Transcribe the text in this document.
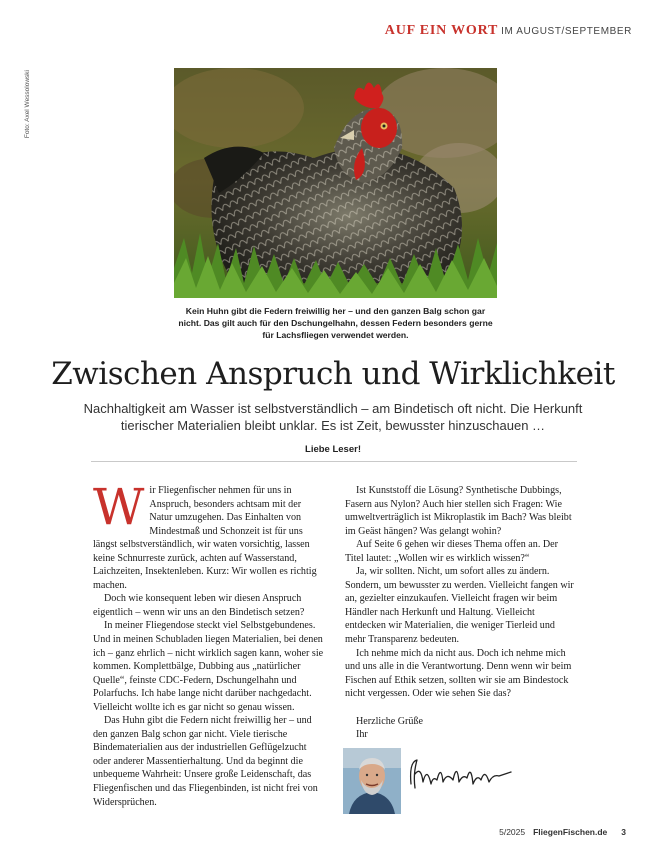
AUF EIN WORT IM AUGUST/SEPTEMBER
Foto: Axel Wessolowski
Kein Huhn gibt die Federn freiwillig her – und den ganzen Balg schon gar nicht. Das gilt auch für den Dschungelhahn, dessen Federn besonders gerne für Lachsfliegen verwendet werden.
Zwischen Anspruch und Wirklichkeit

Nachhaltigkeit am Wasser ist selbstverständlich – am Bindetisch oft nicht. Die Herkunft tierischer Materialien bleibt unklar. Es ist Zeit, bewusster hinzuschauen …

Liebe Leser!

Wir Fliegenfischer nehmen für uns in Anspruch, besonders achtsam mit der Natur umzugehen. Das Einhalten von Mindestmaß und Schonzeit ist für uns längst selbstverständlich, wir waten vorsichtig, lassen keine Schnurreste zurück, achten auf Wasserstand, Laichzeiten, Insektenleben. Kurz: Wir wollen es richtig machen.

Doch wie konsequent leben wir diesen Anspruch eigentlich – wenn wir uns an den Bindetisch setzen?

In meiner Fliegendose steckt viel Selbstgebundenes. Und in meinen Schubladen liegen Materialien, bei denen ich – ganz ehrlich – nicht wirklich sagen kann, woher sie kommen. Komplettbälge, Dubbing aus „natürlicher Quelle“, feinste CDC-Federn, Dschungelhahn und Polarfuchs. Ich habe lange nicht darüber nachgedacht. Vielleicht wollte ich es gar nicht so genau wissen.

Das Huhn gibt die Federn nicht freiwillig her – und den ganzen Balg schon gar nicht. Viele tierische Bindematerialien aus der industriellen Geflügelzucht oder anderer Massentierhaltung. Und da beginnt die unbequeme Wahrheit: Unsere große Leidenschaft, das Fliegenfischen und das Fliegenbinden, ist nicht frei von Widersprüchen.

Ist Kunststoff die Lösung? Synthetische Dubbings, Fasern aus Nylon? Auch hier stellen sich Fragen: Wie umweltverträglich ist Mikroplastik im Bach? Was bleibt im Geäst hängen? Was gelangt wohin?

Auf Seite 6 gehen wir dieses Thema offen an. Der Titel lautet: „Wollen wir es wirklich wissen?“

Ja, wir sollten. Nicht, um sofort alles zu ändern. Sondern, um bewusster zu werden. Vielleicht fangen wir an, gezielter einzukaufen. Vielleicht fragen wir beim Händler nach Herkunft und Haltung. Vielleicht entdecken wir Materialien, die weniger Tierleid und mehr Transparenz bedeuten.

Ich nehme mich da nicht aus. Doch ich nehme mich und uns alle in die Verantwortung. Denn wenn wir beim Fischen auf Ethik setzen, sollten wir sie am Bindestock nicht vergessen. Oder wie sehen Sie das?

Herzliche Grüße

Ihr

5/2025 FliegenFischen.de 3
